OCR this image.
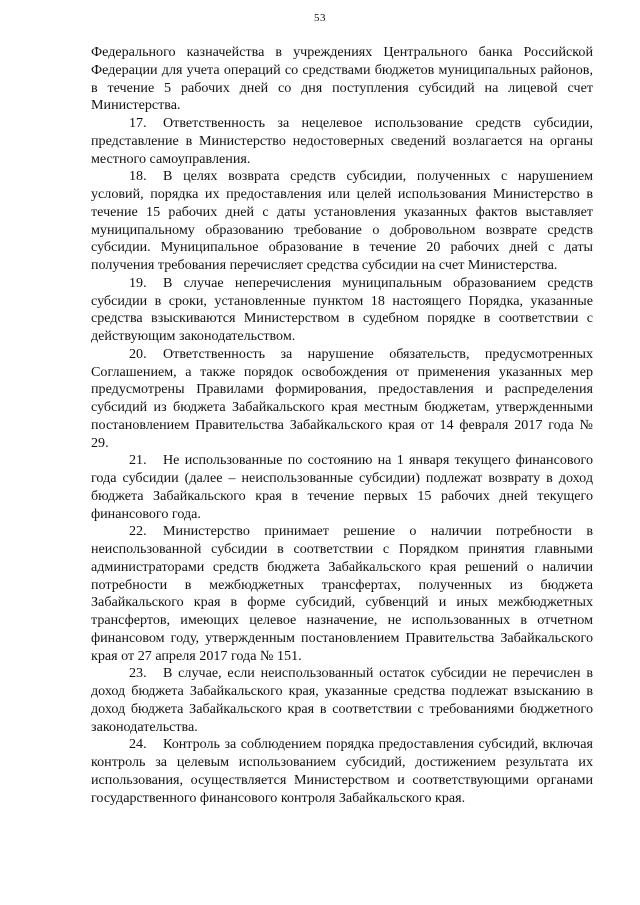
53

Федерального казначейства в учреждениях Центрального банка Российской Федерации для учета операций со средствами бюджетов муниципальных районов, в течение 5 рабочих дней со дня поступления субсидий на лицевой счет Министерства.

17. Ответственность за нецелевое использование средств субсидии, представление в Министерство недостоверных сведений возлагается на органы местного самоуправления.

18. В целях возврата средств субсидии, полученных с нарушением условий, порядка их предоставления или целей использования Министерство в течение 15 рабочих дней с даты установления указанных фактов выставляет муниципальному образованию требование о добровольном возврате средств субсидии. Муниципальное образование в течение 20 рабочих дней с даты получения требования перечисляет средства субсидии на счет Министерства.

19. В случае неперечисления муниципальным образованием средств субсидии в сроки, установленные пунктом 18 настоящего Порядка, указанные средства взыскиваются Министерством в судебном порядке в соответствии с действующим законодательством.

20. Ответственность за нарушение обязательств, предусмотренных Соглашением, а также порядок освобождения от применения указанных мер предусмотрены Правилами формирования, предоставления и распределения субсидий из бюджета Забайкальского края местным бюджетам, утвержденными постановлением Правительства Забайкальского края от 14 февраля 2017 года № 29.

21. Не использованные по состоянию на 1 января текущего финансового года субсидии (далее – неиспользованные субсидии) подлежат возврату в доход бюджета Забайкальского края в течение первых 15 рабочих дней текущего финансового года.

22. Министерство принимает решение о наличии потребности в неиспользованной субсидии в соответствии с Порядком принятия главными администраторами средств бюджета Забайкальского края решений о наличии потребности в межбюджетных трансфертах, полученных из бюджета Забайкальского края в форме субсидий, субвенций и иных межбюджетных трансфертов, имеющих целевое назначение, не использованных в отчетном финансовом году, утвержденным постановлением Правительства Забайкальского края от 27 апреля 2017 года № 151.

23. В случае, если неиспользованный остаток субсидии не перечислен в доход бюджета Забайкальского края, указанные средства подлежат взысканию в доход бюджета Забайкальского края в соответствии с требованиями бюджетного законодательства.

24. Контроль за соблюдением порядка предоставления субсидий, включая контроль за целевым использованием субсидий, достижением результата их использования, осуществляется Министерством и соответствующими органами государственного финансового контроля Забайкальского края.
